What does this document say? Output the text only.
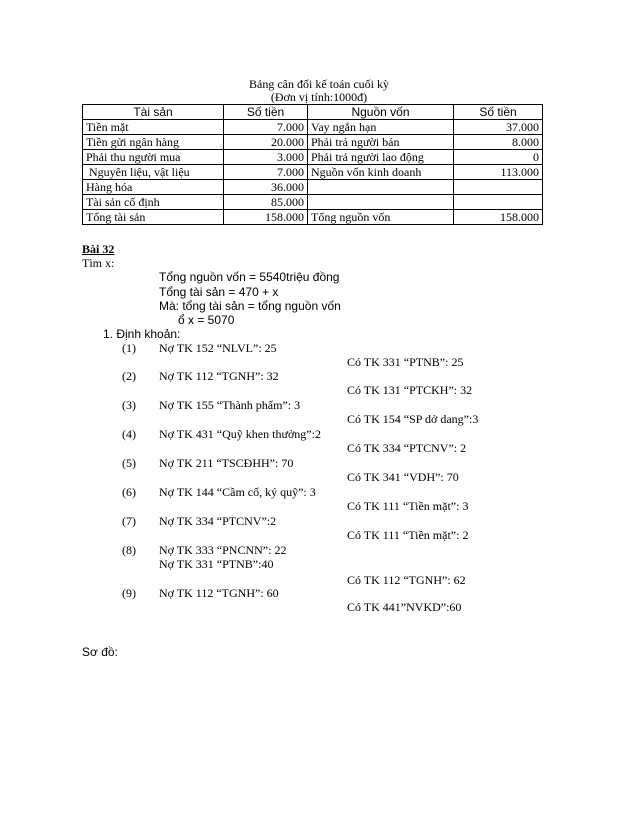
Bảng cân đối kế toán cuối kỳ
(Đơn vị tính:1000đ)
Tài sản	Số tiền	Nguồn vốn	Số tiền
Tiền mặt	7.000	Vay ngắn hạn	37.000
Tiền gửi ngân hàng	20.000	Phải trả người bán	8.000
Phải thu người mua	3.000	Phải trả người lao động	0
Nguyên liệu, vật liệu	7.000	Nguồn vốn kinh doanh	113.000
Hàng hóa	36.000		
Tài sản cố định	85.000		
Tổng tài sản	158.000	Tổng nguồn vốn	158.000
Bài 32
Tìm x:
Tổng nguồn vốn = 5540triệu đồng
Tổng tài sản = 470 + x
Mà: tổng tài sản = tổng nguồn vốn
ổ x = 5070
1. Định khoản:
(1) Nợ TK 152 “NLVL”: 25
Có TK 331 “PTNB”: 25
(2) Nợ TK 112 “TGNH”: 32
Có TK 131 “PTCKH”: 32
(3) Nợ TK 155 “Thành phẩm”: 3
Có TK 154 “SP dở dang”:3
(4) Nợ TK 431 “Quỹ khen thưởng”:2
Có TK 334 “PTCNV”: 2
(5) Nợ TK 211 “TSCĐHH”: 70
Có TK 341 “VDH”: 70
(6) Nợ TK 144 “Cầm cố, ký quỹ”: 3
Có TK 111 “Tiền mặt”: 3
(7) Nợ TK 334 “PTCNV”:2
Có TK 111 “Tiền mặt”: 2
(8) Nợ TK 333 “PNCNN”: 22
Nợ TK 331 “PTNB”:40
Có TK 112 “TGNH”: 62
(9) Nợ TK 112 “TGNH”: 60
Có TK 441”NVKD”:60
Sơ đồ:
